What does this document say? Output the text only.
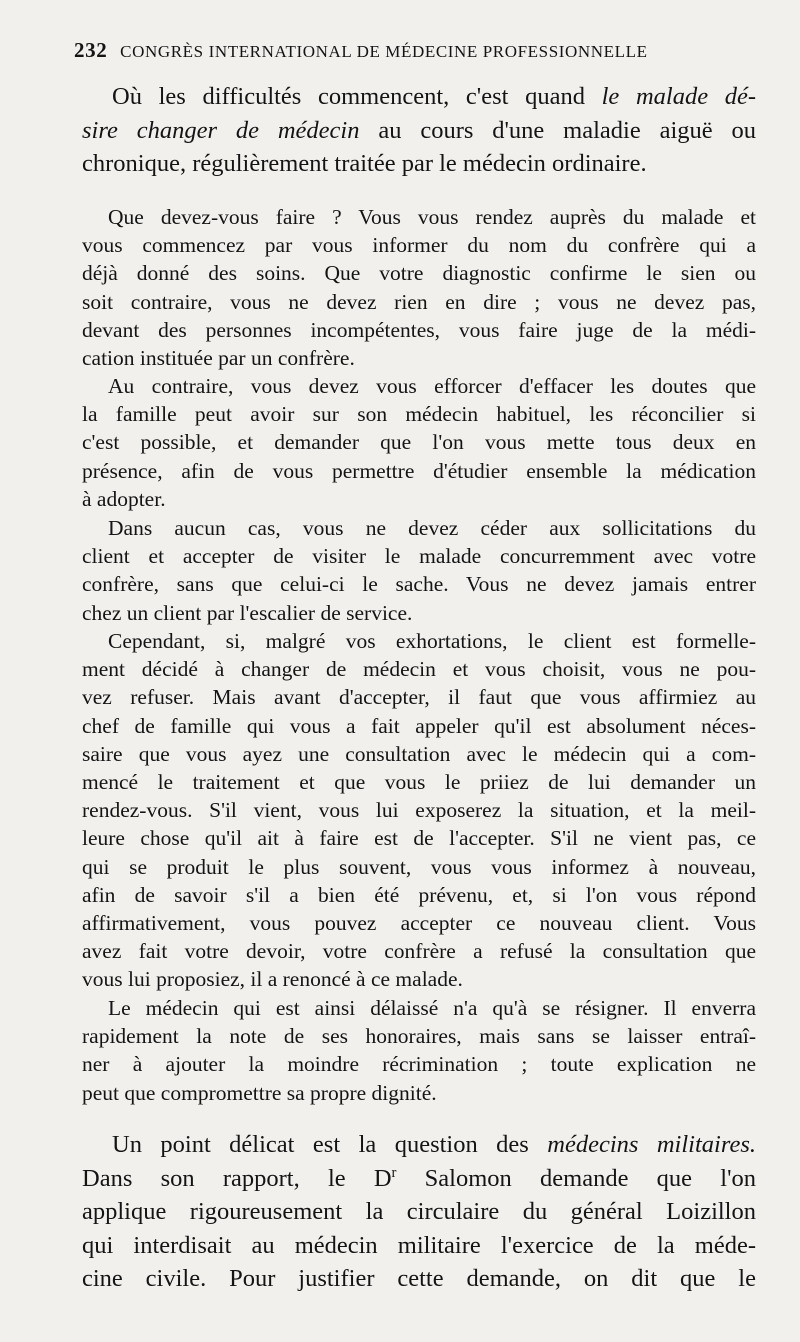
232 CONGRÈS INTERNATIONAL DE MÉDECINE PROFESSIONNELLE
Où les difficultés commencent, c'est quand le malade dé-
sire changer de médecin au cours d'une maladie aiguë ou
chronique, régulièrement traitée par le médecin ordinaire.
Que devez-vous faire ? Vous vous rendez auprès du malade et
vous commencez par vous informer du nom du confrère qui a
déjà donné des soins. Que votre diagnostic confirme le sien ou
soit contraire, vous ne devez rien en dire ; vous ne devez pas,
devant des personnes incompétentes, vous faire juge de la médi-
cation instituée par un confrère.
Au contraire, vous devez vous efforcer d'effacer les doutes que
la famille peut avoir sur son médecin habituel, les réconcilier si
c'est possible, et demander que l'on vous mette tous deux en
présence, afin de vous permettre d'étudier ensemble la médication
à adopter.
Dans aucun cas, vous ne devez céder aux sollicitations du
client et accepter de visiter le malade concurremment avec votre
confrère, sans que celui-ci le sache. Vous ne devez jamais entrer
chez un client par l'escalier de service.
Cependant, si, malgré vos exhortations, le client est formelle-
ment décidé à changer de médecin et vous choisit, vous ne pou-
vez refuser. Mais avant d'accepter, il faut que vous affirmiez au
chef de famille qui vous a fait appeler qu'il est absolument néces-
saire que vous ayez une consultation avec le médecin qui a com-
mencé le traitement et que vous le priiez de lui demander un
rendez-vous. S'il vient, vous lui exposerez la situation, et la meil-
leure chose qu'il ait à faire est de l'accepter. S'il ne vient pas, ce
qui se produit le plus souvent, vous vous informez à nouveau,
afin de savoir s'il a bien été prévenu, et, si l'on vous répond
affirmativement, vous pouvez accepter ce nouveau client. Vous
avez fait votre devoir, votre confrère a refusé la consultation que
vous lui proposiez, il a renoncé à ce malade.
Le médecin qui est ainsi délaissé n'a qu'à se résigner. Il enverra
rapidement la note de ses honoraires, mais sans se laisser entraî-
ner à ajouter la moindre récrimination ; toute explication ne
peut que compromettre sa propre dignité.
Un point délicat est la question des médecins militaires.
Dans son rapport, le $D^r$ Salomon demande que l'on
applique rigoureusement la circulaire du général Loizillon
qui interdisait au médecin militaire l'exercice de la méde-
cine civile. Pour justifier cette demande, on dit que le
